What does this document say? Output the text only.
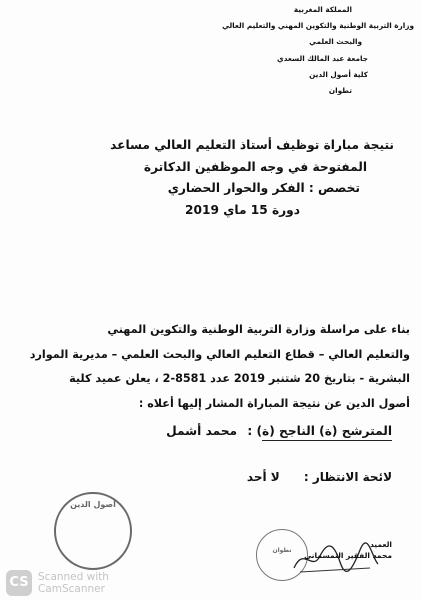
المملكة المغربية
وزارة التربية الوطنية والتكوين المهني والتعليم العالي
والبحث العلمي
جامعة عبد المالك السعدي
كلية أصول الدين
تطوان
نتيجة مباراة توظيف أستاذ التعليم العالي مساعد
المفتوحة في وجه الموظفين الدكاترة
تخصص : الفكر والحوار الحضاري
دورة 15 ماي 2019
بناء على مراسلة وزارة التربية الوطنية والتكوين المهني
والتعليم العالي – قطاع التعليم العالي والبحث العلمي – مديرية الموارد
البشرية - بتاريخ 20 شتنبر 2019 عدد 8581-2 ، يعلن عميد كلية
أصول الدين عن نتيجة المباراة المشار إليها أعلاه :
المترشح (ة) الناجح (ة) : محمد أشمل
لائحة الانتظار : لا أحد
أصول الدين
تطوان
العميد
محمد الفقير التمسماني
CS Scanned with
CamScanner
